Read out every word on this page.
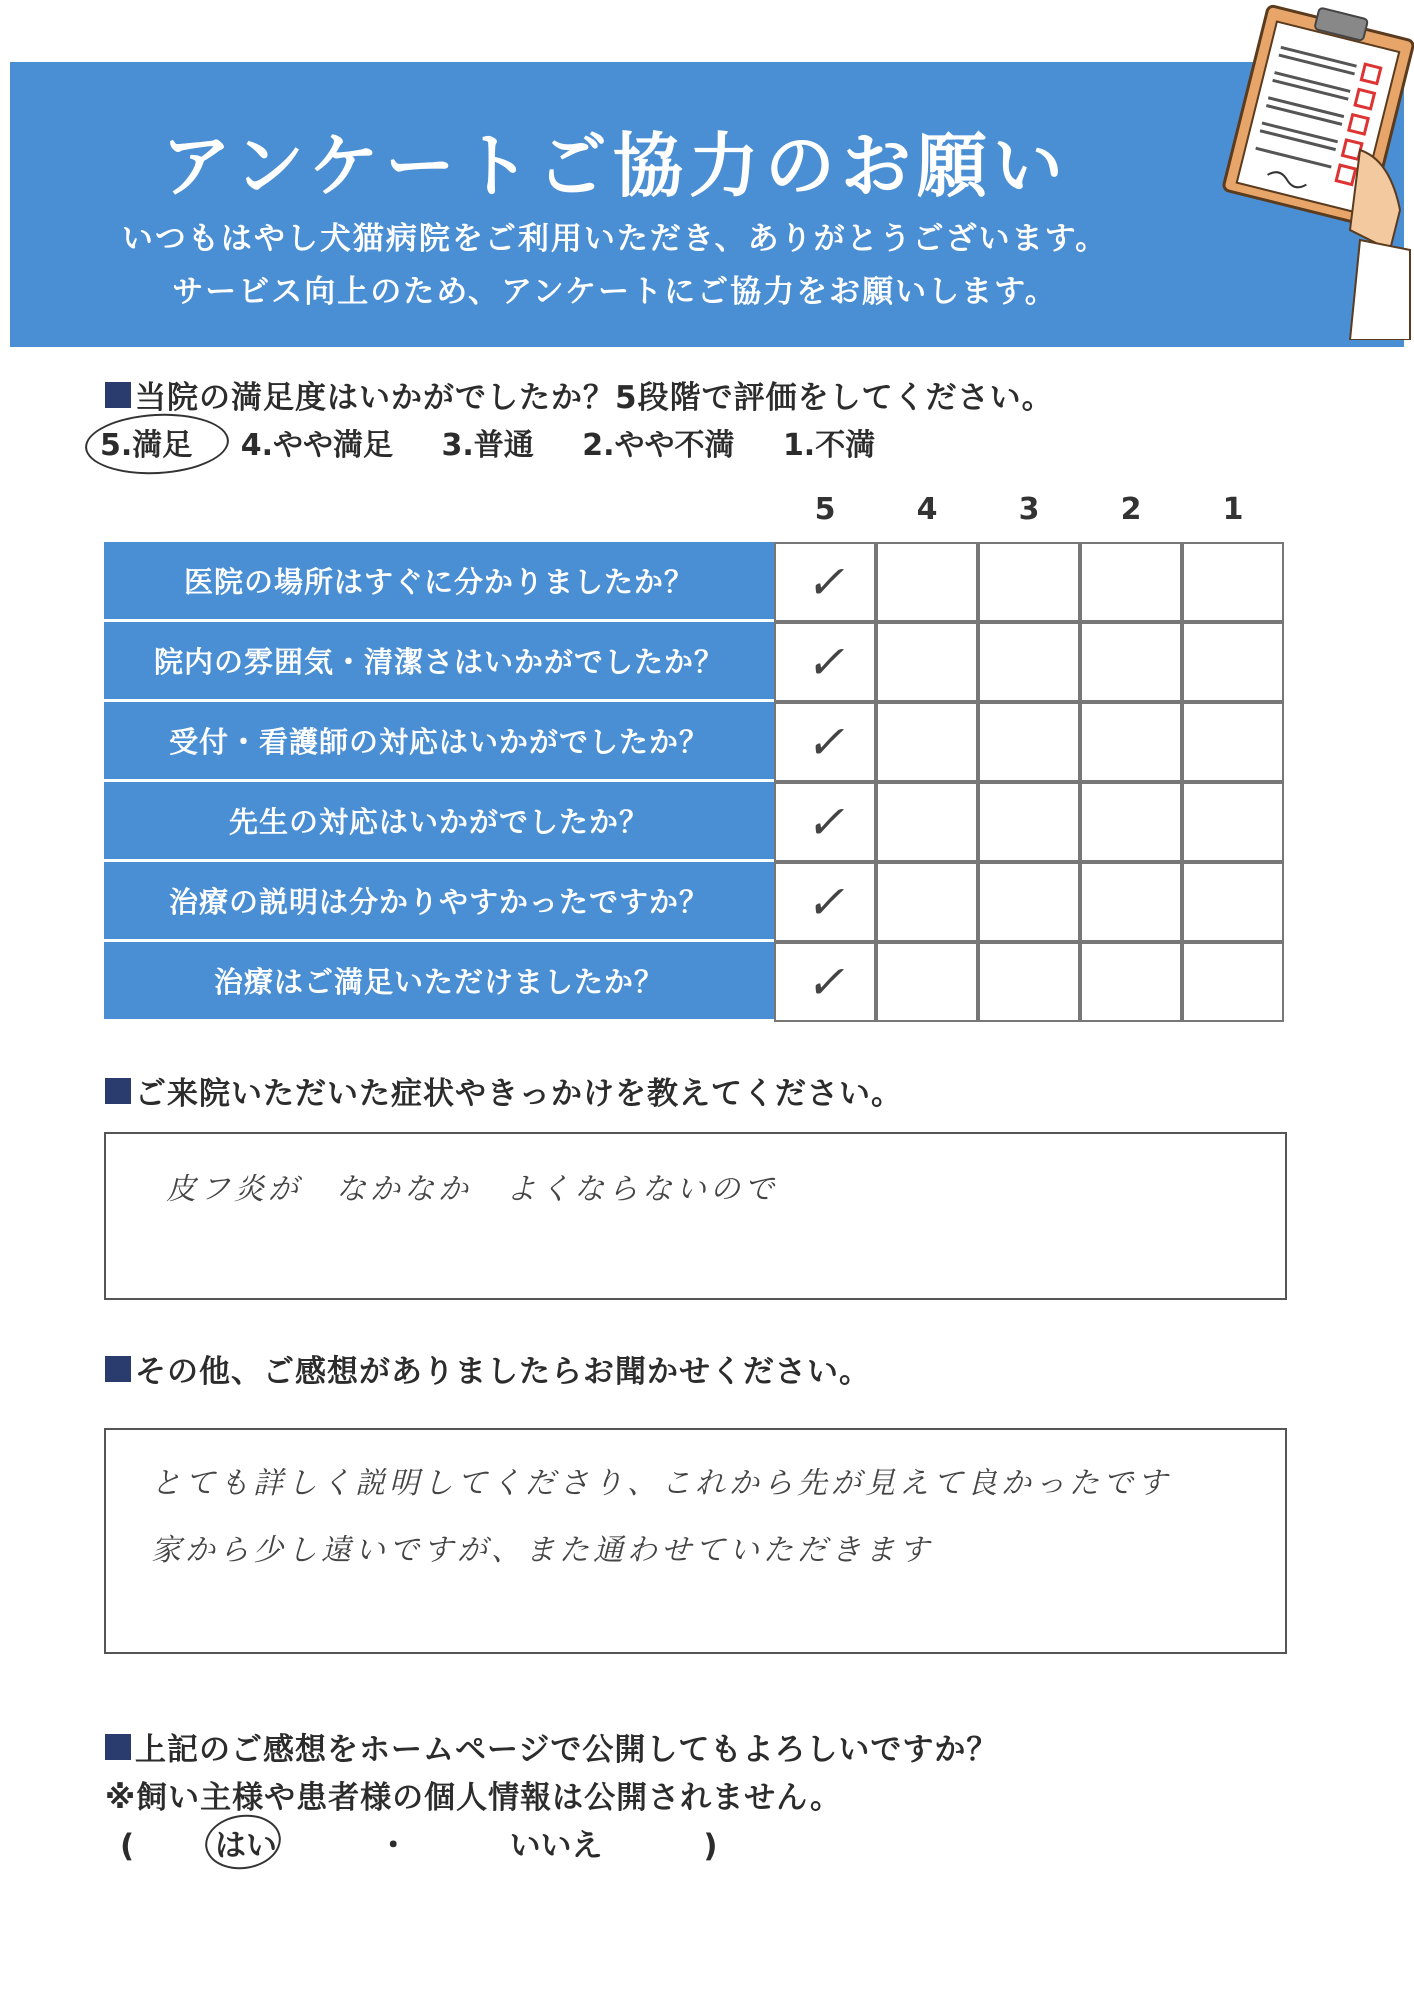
アンケートご協力のお願い
いつもはやし犬猫病院をご利用いただき、ありがとうございます。
サービス向上のため、アンケートにご協力をお願いします。
当院の満足度はいかがでしたか？5段階で評価をしてください。
5.満足 4.やや満足 3.普通 2.やや不満 1.不満
5	4	3	2	1
医院の場所はすぐに分かりましたか？	✓
院内の雰囲気・清潔さはいかがでしたか？	✓
受付・看護師の対応はいかがでしたか？	✓
先生の対応はいかがでしたか？	✓
治療の説明は分かりやすかったですか？	✓
治療はご満足いただけましたか？	✓
ご来院いただいた症状やきっかけを教えてください。
皮フ炎が　なかなか　よくならないので
その他、ご感想がありましたらお聞かせください。
とても詳しく説明してくださり、これから先が見えて良かったです
家から少し遠いですが、また通わせていただきます
上記のご感想をホームページで公開してもよろしいですか？
※飼い主様や患者様の個人情報は公開されません。
(	はい	・	いいえ	)
